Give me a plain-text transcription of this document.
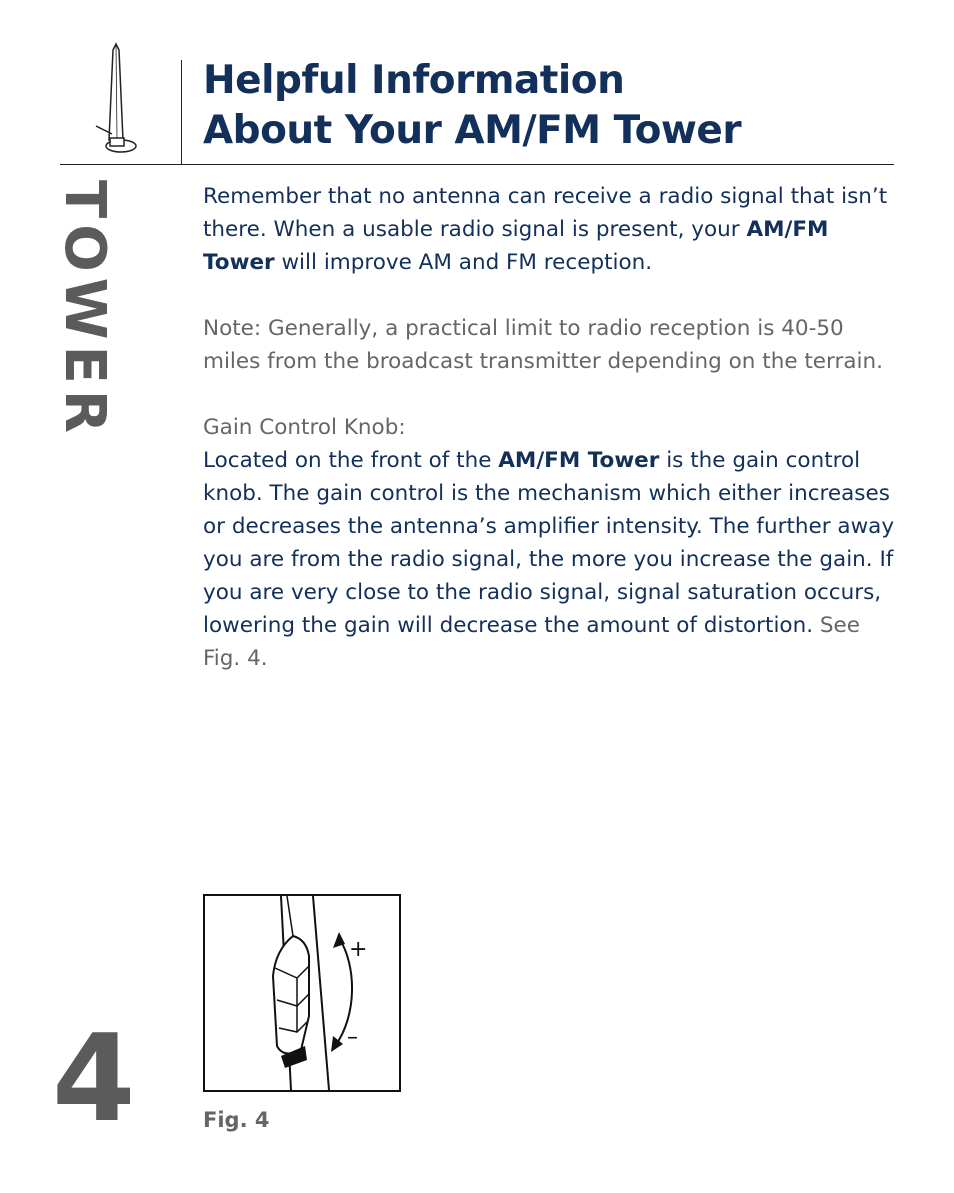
Helpful Information
About Your AM/FM Tower
TOWER
4

Remember that no antenna can receive a radio signal that isn’t there. When a usable radio signal is present, your AM/FM Tower will improve AM and FM reception.

Note: Generally, a practical limit to radio reception is 40-50 miles from the broadcast transmitter depending on the terrain.

Gain Control Knob:

Located on the front of the AM/FM Tower is the gain control knob. The gain control is the mechanism which either increases or decreases the antenna’s amplifier intensity. The further away you are from the radio signal, the more you increase the gain. If you are very close to the radio signal, signal saturation occurs, lowering the gain will decrease the amount of distortion. See Fig. 4.

+
–
Fig. 4
